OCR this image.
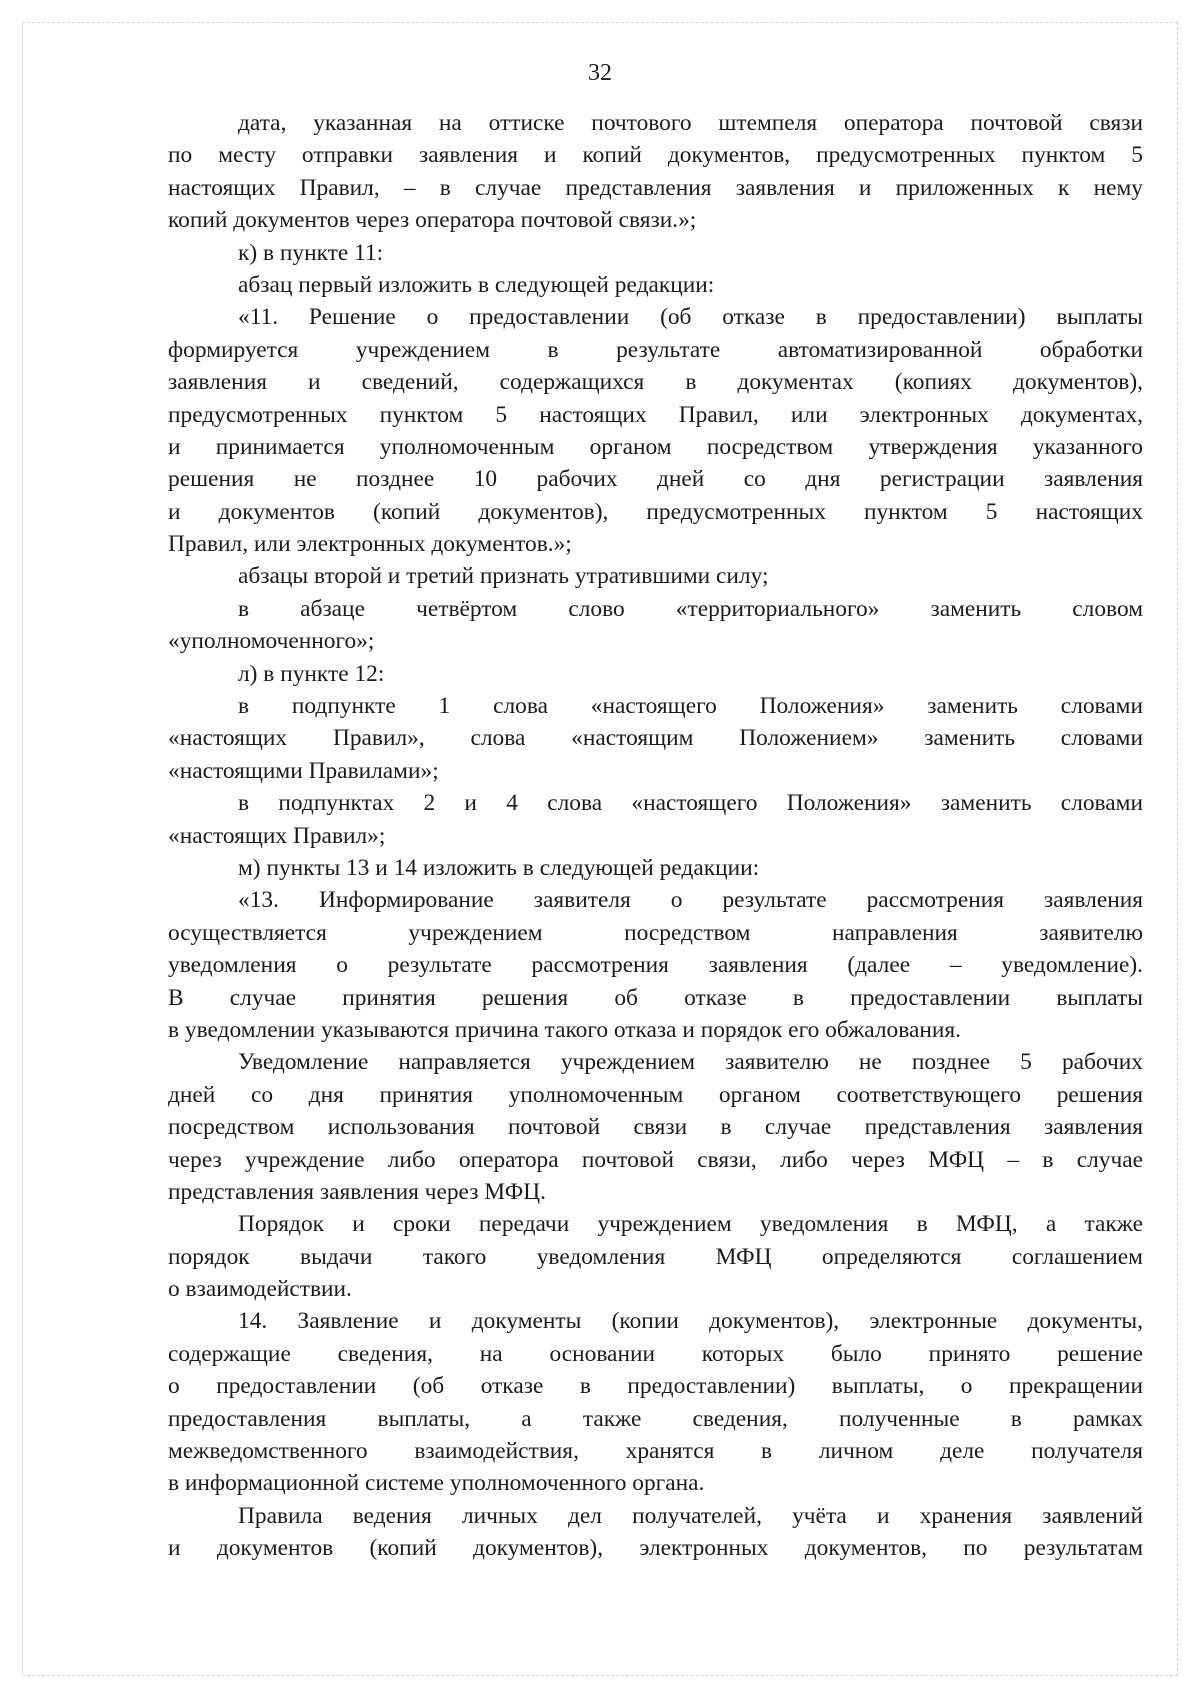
32
дата, указанная на оттиске почтового штемпеля оператора почтовой связи
по месту отправки заявления и копий документов, предусмотренных пунктом 5
настоящих Правил, – в случае представления заявления и приложенных к нему
копий документов через оператора почтовой связи.»;
к) в пункте 11:
абзац первый изложить в следующей редакции:
«11. Решение о предоставлении (об отказе в предоставлении) выплаты
формируется учреждением в результате автоматизированной обработки
заявления и сведений, содержащихся в документах (копиях документов),
предусмотренных пунктом 5 настоящих Правил, или электронных документах,
и принимается уполномоченным органом посредством утверждения указанного
решения не позднее 10 рабочих дней со дня регистрации заявления
и документов (копий документов), предусмотренных пунктом 5 настоящих
Правил, или электронных документов.»;
абзацы второй и третий признать утратившими силу;
в абзаце четвёртом слово «территориального» заменить словом
«уполномоченного»;
л) в пункте 12:
в подпункте 1 слова «настоящего Положения» заменить словами
«настоящих Правил», слова «настоящим Положением» заменить словами
«настоящими Правилами»;
в подпунктах 2 и 4 слова «настоящего Положения» заменить словами
«настоящих Правил»;
м) пункты 13 и 14 изложить в следующей редакции:
«13. Информирование заявителя о результате рассмотрения заявления
осуществляется учреждением посредством направления заявителю
уведомления о результате рассмотрения заявления (далее – уведомление).
В случае принятия решения об отказе в предоставлении выплаты
в уведомлении указываются причина такого отказа и порядок его обжалования.
Уведомление направляется учреждением заявителю не позднее 5 рабочих
дней со дня принятия уполномоченным органом соответствующего решения
посредством использования почтовой связи в случае представления заявления
через учреждение либо оператора почтовой связи, либо через МФЦ – в случае
представления заявления через МФЦ.
Порядок и сроки передачи учреждением уведомления в МФЦ, а также
порядок выдачи такого уведомления МФЦ определяются соглашением
о взаимодействии.
14. Заявление и документы (копии документов), электронные документы,
содержащие сведения, на основании которых было принято решение
о предоставлении (об отказе в предоставлении) выплаты, о прекращении
предоставления выплаты, а также сведения, полученные в рамках
межведомственного взаимодействия, хранятся в личном деле получателя
в информационной системе уполномоченного органа.
Правила ведения личных дел получателей, учёта и хранения заявлений
и документов (копий документов), электронных документов, по результатам
